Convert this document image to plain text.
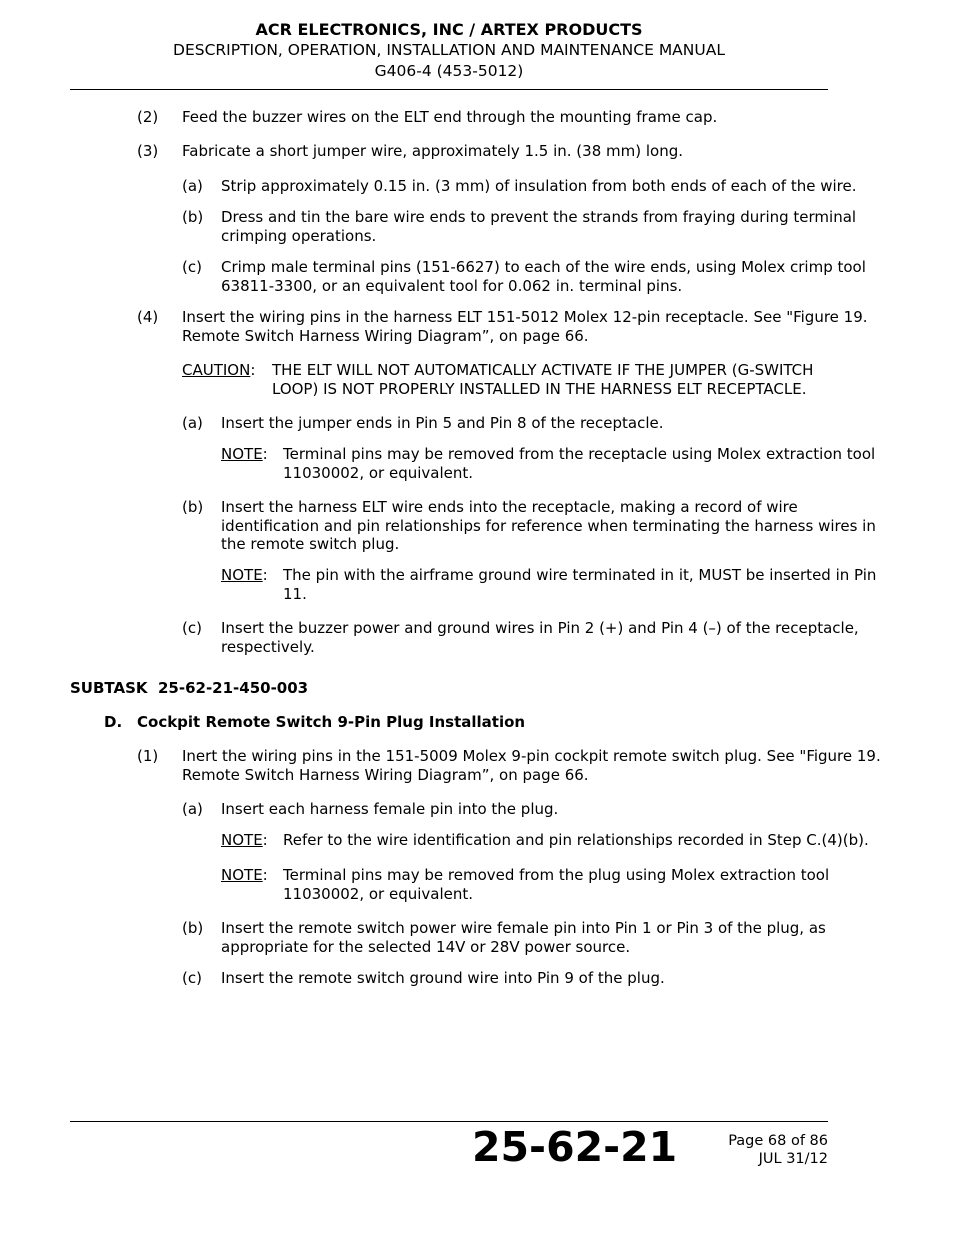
ACR ELECTRONICS, INC / ARTEX PRODUCTS
DESCRIPTION, OPERATION, INSTALLATION AND MAINTENANCE MANUAL
G406-4 (453-5012)
(2) Feed the buzzer wires on the ELT end through the mounting frame cap.
(3) Fabricate a short jumper wire, approximately 1.5 in. (38 mm) long.
(a) Strip approximately 0.15 in. (3 mm) of insulation from both ends of each of the wire.
(b) Dress and tin the bare wire ends to prevent the strands from fraying during terminal
crimping operations.
(c) Crimp male terminal pins (151-6627) to each of the wire ends, using Molex crimp tool
63811-3300, or an equivalent tool for 0.062 in. terminal pins.
(4) Insert the wiring pins in the harness ELT 151-5012 Molex 12-pin receptacle. See "Figure 19.
Remote Switch Harness Wiring Diagram”, on page 66.
CAUTION: THE ELT WILL NOT AUTOMATICALLY ACTIVATE IF THE JUMPER (G-SWITCH
LOOP) IS NOT PROPERLY INSTALLED IN THE HARNESS ELT RECEPTACLE.
(a) Insert the jumper ends in Pin 5 and Pin 8 of the receptacle.
NOTE: Terminal pins may be removed from the receptacle using Molex extraction tool
11030002, or equivalent.
(b) Insert the harness ELT wire ends into the receptacle, making a record of wire
identification and pin relationships for reference when terminating the harness wires in
the remote switch plug.
NOTE: The pin with the airframe ground wire terminated in it, MUST be inserted in Pin
11.
(c) Insert the buzzer power and ground wires in Pin 2 (+) and Pin 4 (–) of the receptacle,
respectively.
SUBTASK  25-62-21-450-003
D. Cockpit Remote Switch 9-Pin Plug Installation
(1) Inert the wiring pins in the 151-5009 Molex 9-pin cockpit remote switch plug. See "Figure 19.
Remote Switch Harness Wiring Diagram”, on page 66.
(a) Insert each harness female pin into the plug.
NOTE: Refer to the wire identification and pin relationships recorded in Step C.(4)(b).
NOTE: Terminal pins may be removed from the plug using Molex extraction tool
11030002, or equivalent.
(b) Insert the remote switch power wire female pin into Pin 1 or Pin 3 of the plug, as
appropriate for the selected 14V or 28V power source.
(c) Insert the remote switch ground wire into Pin 9 of the plug.
25-62-21	Page 68 of 86
JUL 31/12
